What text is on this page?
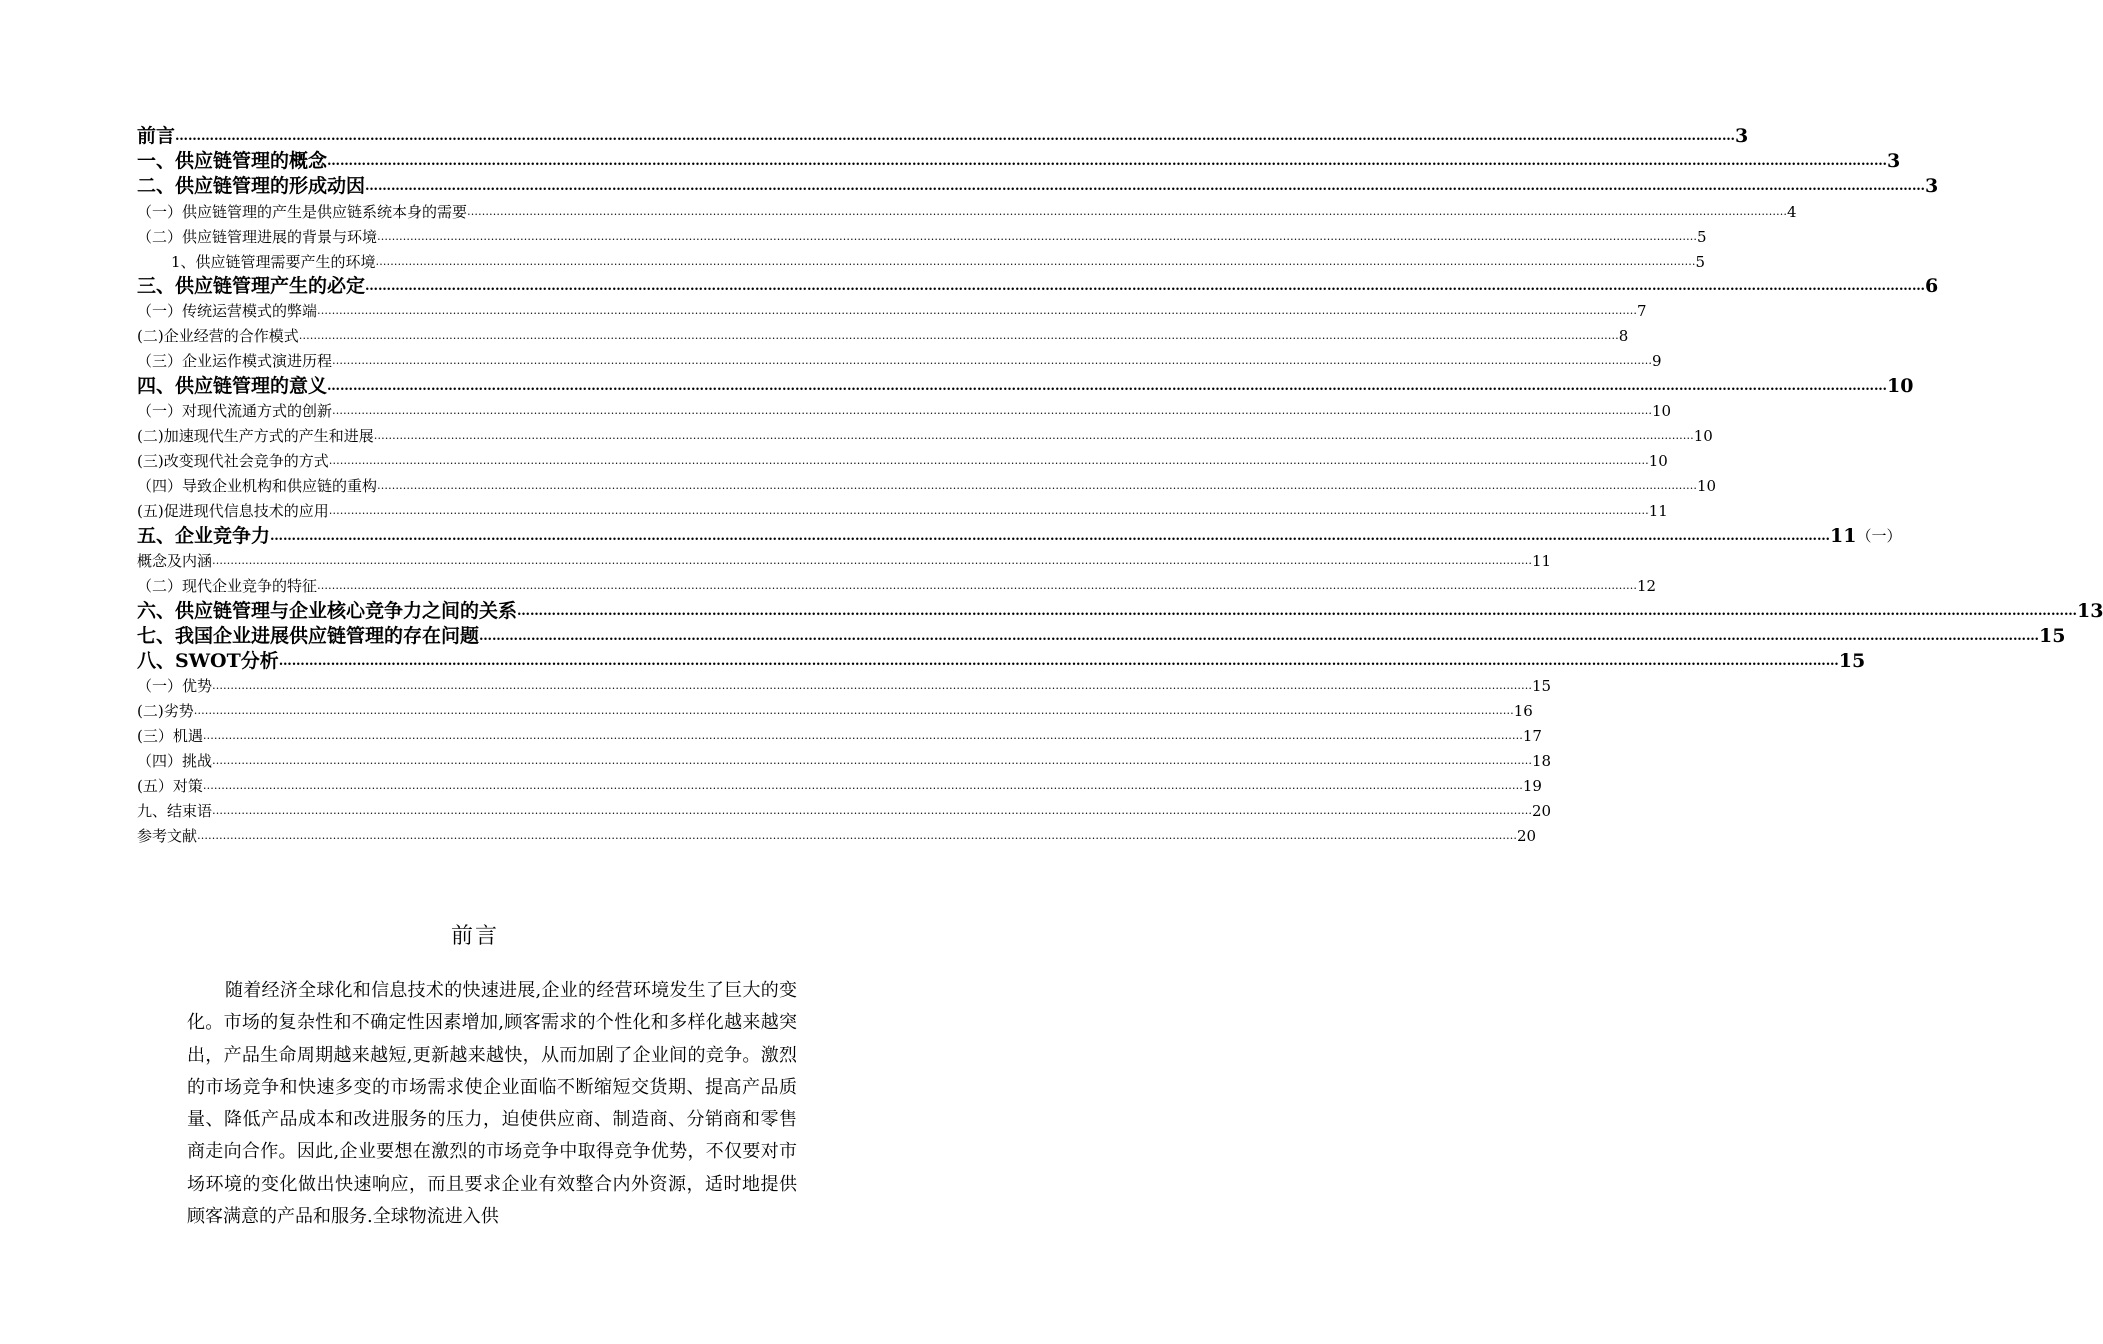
前言 ……………………………………………………………………………………………………………………………………………………………………………………………………………………………………………………………………………………………………………………………… 3
一、供应链管理的概念 ……………………………………………………………………………………………………………………………………………………………………………………………………………………………………………………………………………………………………………………………… 3
二、供应链管理的形成动因 ……………………………………………………………………………………………………………………………………………………………………………………………………………………………………………………………………………………………………………………………… 3
（一）供应链管理的产生是供应链系统本身的需要 ……………………………………………………………………………………………………………………………………………………………………………………………………………………………………………………………………………………………………………………………… 4
（二）供应链管理进展的背景与环境 ……………………………………………………………………………………………………………………………………………………………………………………………………………………………………………………………………………………………………………………………… 5
1、供应链管理需要产生的环境 ……………………………………………………………………………………………………………………………………………………………………………………………………………………………………………………………………………………………………………………………… 5
三、供应链管理产生的必定 ……………………………………………………………………………………………………………………………………………………………………………………………………………………………………………………………………………………………………………………………… 6
（一）传统运营模式的弊端 ……………………………………………………………………………………………………………………………………………………………………………………………………………………………………………………………………………………………………………………………… 7
(二)企业经营的合作模式 ……………………………………………………………………………………………………………………………………………………………………………………………………………………………………………………………………………………………………………………………… 8
（三）企业运作模式演进历程 ……………………………………………………………………………………………………………………………………………………………………………………………………………………………………………………………………………………………………………………………… 9
四、供应链管理的意义 ……………………………………………………………………………………………………………………………………………………………………………………………………………………………………………………………………………………………………………………………… 10
（一）对现代流通方式的创新 ……………………………………………………………………………………………………………………………………………………………………………………………………………………………………………………………………………………………………………………………… 10
(二)加速现代生产方式的产生和进展 ……………………………………………………………………………………………………………………………………………………………………………………………………………………………………………………………………………………………………………………………… 10
(三)改变现代社会竞争的方式 ……………………………………………………………………………………………………………………………………………………………………………………………………………………………………………………………………………………………………………………………… 10
（四）导致企业机构和供应链的重构 ……………………………………………………………………………………………………………………………………………………………………………………………………………………………………………………………………………………………………………………………… 10
(五)促进现代信息技术的应用 ……………………………………………………………………………………………………………………………………………………………………………………………………………………………………………………………………………………………………………………………… 11
五、企业竞争力 ……………………………………………………………………………………………………………………………………………………………………………………………………………………………………………………………………………………………………………………………… 11 （一）
概念及内涵 ……………………………………………………………………………………………………………………………………………………………………………………………………………………………………………………………………………………………………………………………… 11
（二）现代企业竞争的特征 ……………………………………………………………………………………………………………………………………………………………………………………………………………………………………………………………………………………………………………………………… 12
六、供应链管理与企业核心竞争力之间的关系 ……………………………………………………………………………………………………………………………………………………………………………………………………………………………………………………………………………………………………………………………… 13
七、我国企业进展供应链管理的存在问题 ……………………………………………………………………………………………………………………………………………………………………………………………………………………………………………………………………………………………………………………………… 15
八、SWOT分析 ……………………………………………………………………………………………………………………………………………………………………………………………………………………………………………………………………………………………………………………………… 15
（一）优势 ……………………………………………………………………………………………………………………………………………………………………………………………………………………………………………………………………………………………………………………………… 15
(二)劣势 ……………………………………………………………………………………………………………………………………………………………………………………………………………………………………………………………………………………………………………………………… 16
(三）机遇 ……………………………………………………………………………………………………………………………………………………………………………………………………………………………………………………………………………………………………………………………… 17
（四）挑战 ……………………………………………………………………………………………………………………………………………………………………………………………………………………………………………………………………………………………………………………………… 18
(五）对策 ……………………………………………………………………………………………………………………………………………………………………………………………………………………………………………………………………………………………………………………………… 19
九、结束语 ……………………………………………………………………………………………………………………………………………………………………………………………………………………………………………………………………………………………………………………………… 20
参考文献 ……………………………………………………………………………………………………………………………………………………………………………………………………………………………………………………………………………………………………………………………… 20
前言
随着经济全球化和信息技术的快速进展,企业的经营环境发生了巨大的变化。市场的复杂性和不确定性因素增加,顾客需求的个性化和多样化越来越突出，产品生命周期越来越短,更新越来越快，从而加剧了企业间的竞争。激烈的市场竞争和快速多变的市场需求使企业面临不断缩短交货期、提高产品质量、降低产品成本和改进服务的压力，迫使供应商、制造商、分销商和零售商走向合作。因此,企业要想在激烈的市场竞争中取得竞争优势，不仅要对市场环境的变化做出快速响应，而且要求企业有效整合内外资源，适时地提供顾客满意的产品和服务.全球物流进入供
